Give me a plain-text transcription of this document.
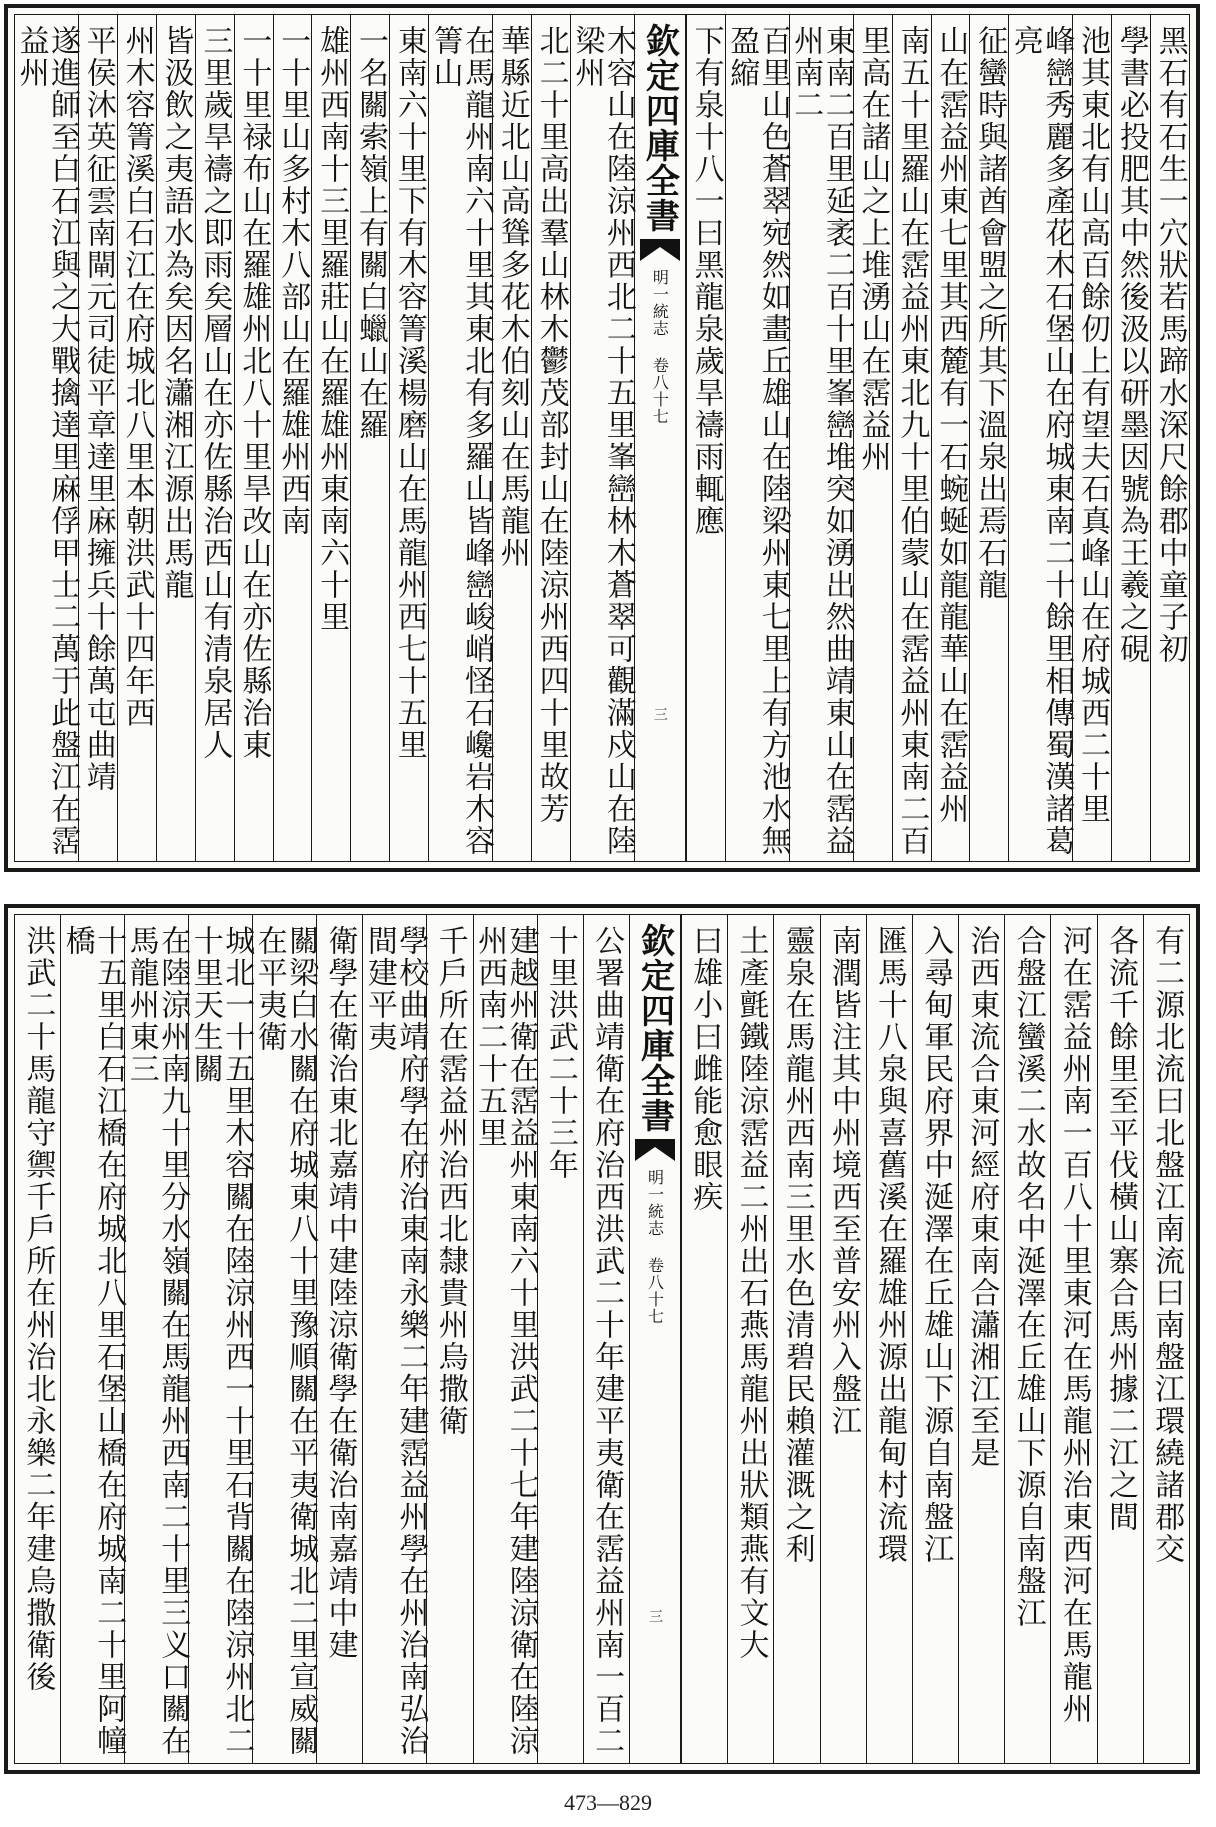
黑石有石生一穴狀若馬蹄水深尺餘郡中童子初
學書必投肥其中然後汲以研墨因號為王羲之硯
池其東北有山高百餘仞上有望夫石真峰山在府城西二十里
峰巒秀麗多產花木石堡山在府城東南二十餘里相傳蜀漢諸葛亮
征蠻時與諸酋會盟之所其下溫泉出焉石龍
山在霑益州東七里其西麓有一石蜿蜒如龍龍華山在霑益州
南五十里羅山在霑益州東北九十里伯蒙山在霑益州東南二百
里高在諸山之上堆湧山在霑益州
東南二百里延袤二百十里峯巒堆突如湧出然曲靖東山在霑益州南二
百里山色蒼翠宛然如畫丘雄山在陸梁州東七里上有方池水無盈縮
下有泉十八一曰黑龍泉歲旱禱雨輒應
欽定四庫全書
明一統志 卷八十七
三
木容山在陸涼州西北二十五里峯巒林木蒼翠可觀滿戍山在陸梁州
北二十里高出羣山林木鬱茂部封山在陸涼州西四十里故芳
華縣近北山高聳多花木伯刻山在馬龍州
在馬龍州南六十里其東北有多羅山皆峰巒峻峭怪石巉岩木容箐山
東南六十里下有木容箐溪楊磨山在馬龍州西七十五里
一名關索嶺上有關白蠟山在羅
雄州西南十三里羅莊山在羅雄州東南六十里
一十里山多村木八部山在羅雄州西南
一十里禄布山在羅雄州北八十里旱改山在亦佐縣治東
三里歲旱禱之即雨矣層山在亦佐縣治西山有清泉居人
皆汲飲之夷語水為矣因名瀟湘江源出馬龍
州木容箐溪白石江在府城北八里本朝洪武十四年西
平侯沐英征雲南閘元司徒平章達里麻擁兵十餘萬屯曲靖
遂進師至白石江與之大戰擒達里麻俘甲士二萬于此盤江在霑益州
有二源北流曰北盤江南流曰南盤江環繞諸郡交
各流千餘里至平伐橫山寨合馬州據二江之間
河在霑益州南一百八十里東河在馬龍州治東西河在馬龍州
合盤江蠻溪二水故名中涎澤在丘雄山下源自南盤江
治西東流合東河經府東南合瀟湘江至是
入尋甸軍民府界中涎澤在丘雄山下源自南盤江
匯馬十八泉與喜舊溪在羅雄州源出龍甸村流環
南潤皆注其中州境西至普安州入盤江
靈泉在馬龍州西南三里水色清碧民賴灌溉之利
土產氈鐵陸涼霑益二州出石燕馬龍州出狀類燕有文大
曰雄小曰雌能愈眼疾
欽定四庫全書
明一統志 卷八十七
三
公署曲靖衛在府治西洪武二十年建平夷衛在霑益州南一百二
十里洪武二十三年
建越州衛在霑益州東南六十里洪武二十七年建陸涼衛在陸涼州西南二十五里
千戶所在霑益州治西北隸貴州烏撒衛
學校曲靖府學在府治東南永樂二年建霑益州學在州治南弘治間建平夷
衛學在衛治東北嘉靖中建陸涼衛學在衛治南嘉靖中建
關梁白水關在府城東八十里豫順關在平夷衛城北二里宣威關在平夷衛
城北一十五里木容關在陸涼州西一十里石背關在陸涼州北二十里天生關
在陸涼州南九十里分水嶺關在馬龍州西南二十里三义口關在馬龍州東三
十五里白石江橋在府城北八里石堡山橋在府城南二十里阿幢橋
洪武二十馬龍守禦千戶所在州治北永樂二年建烏撒衛後
473—829
